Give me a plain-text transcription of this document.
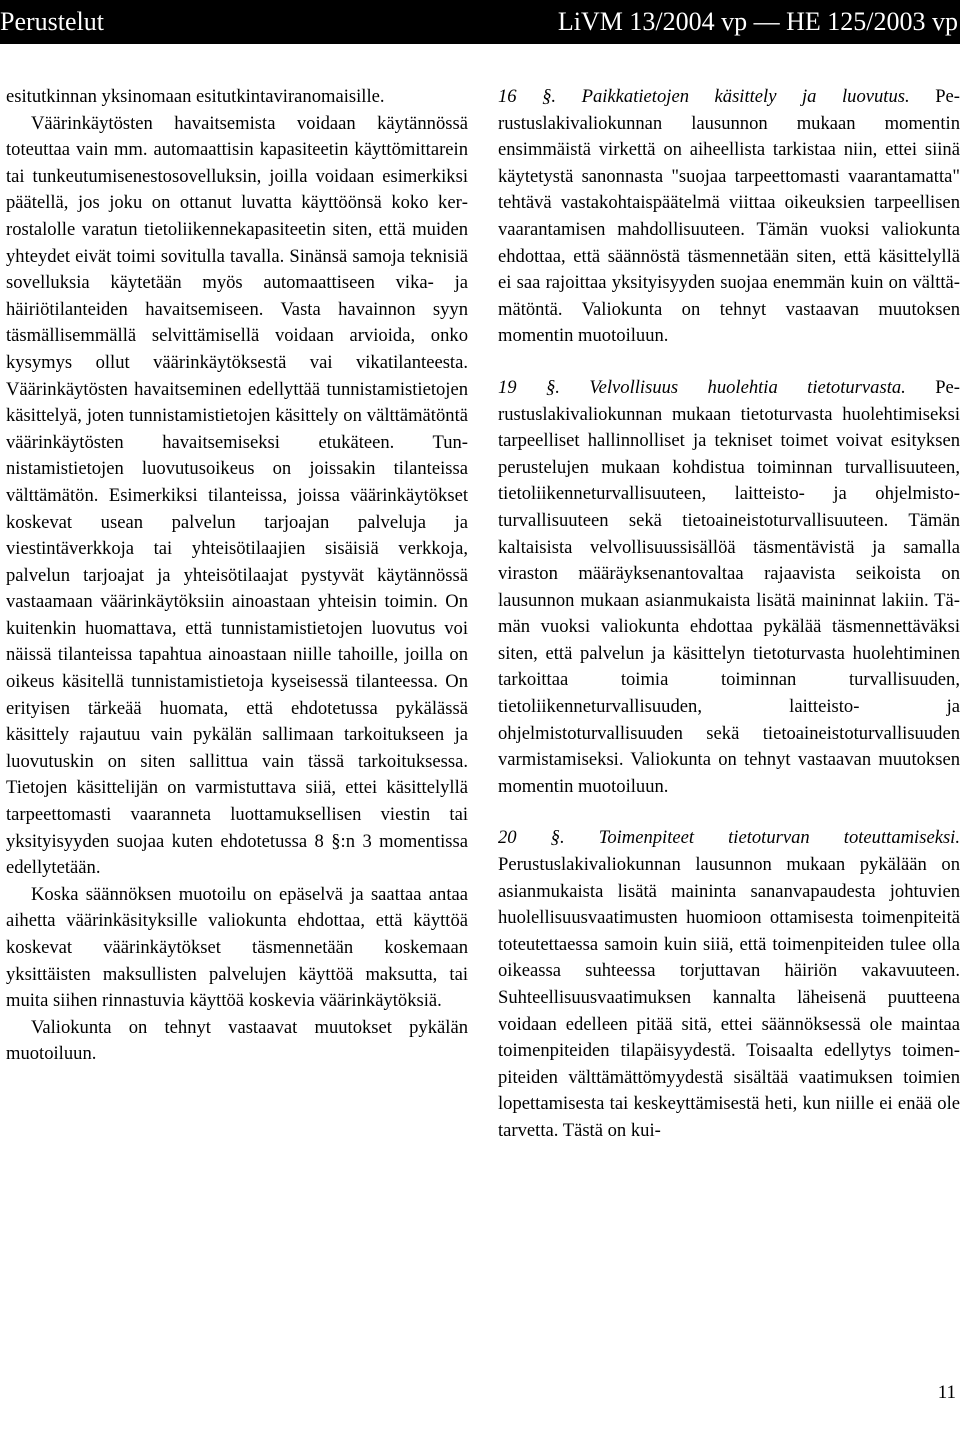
Perustelut	LiVM 13/2004 vp — HE 125/2003 vp

esitutkinnan yksinomaan esitutkintaviranomaisille.

Väärinkäytösten havaitsemista voidaan käytännössä toteuttaa vain mm. automaattisin kapasiteetin käyttömittarein tai tunkeutumisenestosovelluksin, joilla voidaan esimerkiksi päätellä, jos joku on ottanut luvatta käyttöönsä koko kerrostalolle varatun tietoliikennekapasiteetin siten, että muiden yhteydet eivät toimi sovitulla tavalla. Sinänsä samoja teknisiä sovelluksia käytetään myös automaattiseen vika- ja häiriötilanteiden havaitsemiseen. Vasta havainnon syyn täsmällisemmällä selvittämisellä voidaan arvioida, onko kysymys ollut väärinkäytöksestä vai vikatilanteesta. Väärinkäytösten havaitseminen edellyttää tunnistamistietojen käsittelyä, joten tunnistamistietojen käsittely on välttämätöntä väärinkäytösten havaitsemiseksi etukäteen. Tunnistamistietojen luovutusoikeus on joissakin tilanteissa välttämätön. Esimerkiksi tilanteissa, joissa väärinkäytökset koskevat usean palvelun tarjoajan palveluja ja viestintäverkkoja tai yhteisötilaajien sisäisiä verkkoja, palvelun tarjoajat ja yhteisötilaajat pystyvät käytännössä vastaamaan väärinkäytöksiin ainoastaan yhteisin toimin. On kuitenkin huomattava, että tunnistamistietojen luovutus voi näissä tilanteissa tapahtua ainoastaan niille tahoille, joilla on oikeus käsitellä tunnistamistietoja kyseisessä tilanteessa. On erityisen tärkeää huomata, että ehdotetussa pykälässä käsittely rajautuu vain pykälän sallimaan tarkoitukseen ja luovutuskin on siten sallittua vain tässä tarkoituksessa. Tietojen käsittelijän on varmistuttava siiä, ettei käsittelyllä tarpeettomasti vaaranneta luottamuksellisen viestin tai yksityisyyden suojaa kuten ehdotetussa 8 §:n 3 momentissa edellytetään.

Koska säännöksen muotoilu on epäselvä ja saattaa antaa aihetta väärinkäsityksille valiokunta ehdottaa, että käyttöä koskevat väärinkäytökset täsmennetään koskemaan yksittäisten maksullisten palvelujen käyttöä maksutta, tai muita siihen rinnastuvia käyttöä koskevia väärinkäytöksiä.

Valiokunta on tehnyt vastaavat muutokset pykälän muotoiluun.

16 §. Paikkatietojen käsittely ja luovutus. Perustuslakivaliokunnan lausunnon mukaan momentin ensimmäistä virkettä on aiheellista tarkistaa niin, ettei siinä käytetystä sanonnasta "suojaa tarpeettomasti vaarantamatta" tehtävä vastakohtaispäätelmä viittaa oikeuksien tarpeellisen vaarantamisen mahdollisuuteen. Tämän vuoksi valiokunta ehdottaa, että säännöstä täsmennetään siten, että käsittelyllä ei saa rajoittaa yksityisyyden suojaa enemmän kuin on välttämätöntä. Valiokunta on tehnyt vastaavan muutoksen momentin muotoiluun.

19 §. Velvollisuus huolehtia tietoturvasta. Perustuslakivaliokunnan mukaan tietoturvasta huolehtimiseksi tarpeelliset hallinnolliset ja tekniset toimet voivat esityksen perustelujen mukaan kohdistua toiminnan turvallisuuteen, tietoliikenneturvallisuuteen, laitteisto- ja ohjelmistoturvallisuuteen sekä tietoaineistoturvallisuuteen. Tämän kaltaisista velvollisuussisällöä täsmentävistä ja samalla viraston määräyksenantovaltaa rajaavista seikoista on lausunnon mukaan asianmukaista lisätä maininnat lakiin. Tämän vuoksi valiokunta ehdottaa pykälää täsmennettäväksi siten, että palvelun ja käsittelyn tietoturvasta huolehtiminen tarkoittaa toimia toiminnan turvallisuuden, tietoliikenneturvallisuuden, laitteisto- ja ohjelmistoturvallisuuden sekä tietoaineistoturvallisuuden varmistamiseksi. Valiokunta on tehnyt vastaavan muutoksen momentin muotoiluun.

20 §. Toimenpiteet tietoturvan toteuttamiseksi. Perustuslakivaliokunnan lausunnon mukaan pykälään on asianmukaista lisätä maininta sananvapaudesta johtuvien huolellisuusvaatimusten huomioon ottamisesta toimenpiteitä toteutettaessa samoin kuin siiä, että toimenpiteiden tulee olla oikeassa suhteessa torjuttavan häiriön vakavuuteen. Suhteellisuusvaatimuksen kannalta läheisenä puutteena voidaan edelleen pitää sitä, ettei säännöksessä ole maintaa toimenpiteiden tilapäisyydestä. Toisaalta edellytys toimenpiteiden välttämättömyydestä sisältää vaatimuksen toimien lopettamisesta tai keskeyttämisestä heti, kun niille ei enää ole tarvetta. Tästä on kui-

11
